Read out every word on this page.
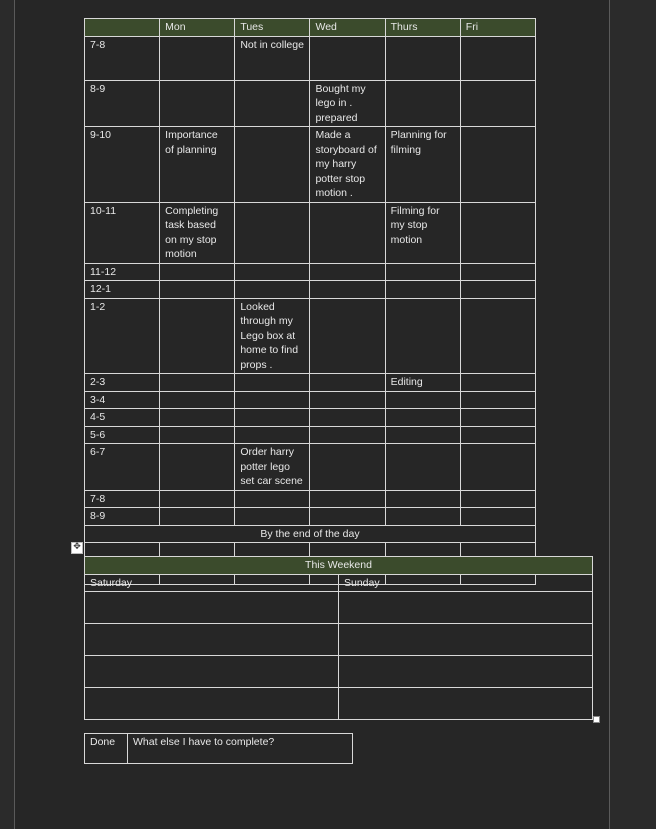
	Mon	Tues	Wed	Thurs	Fri
7-8		Not in college			
8-9			Bought my lego in . prepared		
9-10	Importance of planning		Made a storyboard of my harry potter stop motion .	Planning for filming	
10-11	Completing task based on my stop motion			Filming for my stop motion	
11-12					
12-1					
1-2		Looked through my Lego box at home to find props .			
2-3				Editing	
3-4					
4-5					
5-6					
6-7		Order harry potter lego set car scene			
7-8					
8-9					
By the end of the day					

✥
This Weekend	
Saturday	Sunday

Done	What else I have to complete?
